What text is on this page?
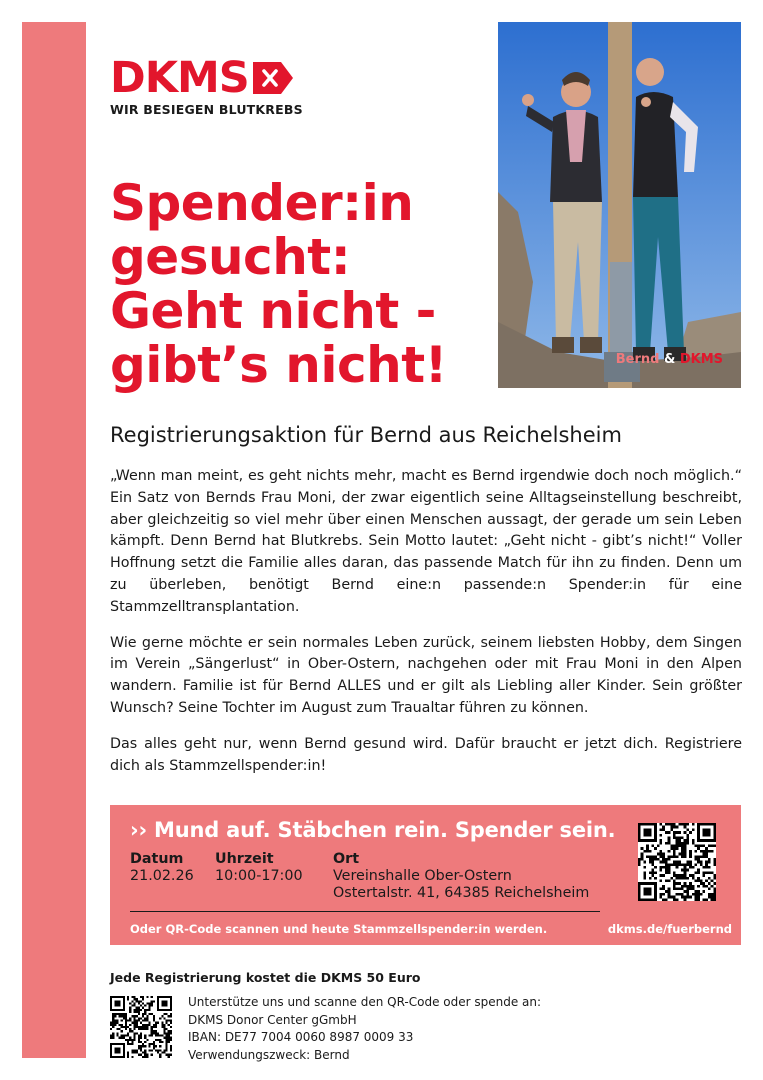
DKMS
WIR BESIEGEN BLUTKREBS
Spender:in
gesucht:
Geht nicht -
gibt’s nicht!	Bernd & DKMS
Registrierungsaktion für Bernd aus Reichelsheim

„Wenn man meint, es geht nichts mehr, macht es Bernd irgendwie doch noch möglich.“ Ein Satz von Bernds Frau Moni, der zwar eigentlich seine Alltagseinstellung beschreibt, aber gleichzeitig so viel mehr über einen Menschen aussagt, der gerade um sein Leben kämpft. Denn Bernd hat Blutkrebs. Sein Motto lautet: „Geht nicht - gibt’s nicht!“ Voller Hoffnung setzt die Familie alles daran, das passende Match für ihn zu finden. Denn um zu überleben, benötigt Bernd eine:n passende:n Spender:in für eine Stammzelltransplantation.

Wie gerne möchte er sein normales Leben zurück, seinem liebsten Hobby, dem Singen im Verein „Sängerlust“ in Ober-Ostern, nachgehen oder mit Frau Moni in den Alpen wandern. Familie ist für Bernd ALLES und er gilt als Liebling aller Kinder. Sein größter Wunsch? Seine Tochter im August zum Traualtar führen zu können.

Das alles geht nur, wenn Bernd gesund wird. Dafür braucht er jetzt dich. Registriere dich als Stammzellspender:in!

›› Mund auf. Stäbchen rein. Spender sein.
Datum
21.02.26
Uhrzeit
10:00-17:00
Ort
Vereinshalle Ober-Ostern
Ostertalstr. 41, 64385 Reichelsheim
Oder QR-Code scannen und heute Stammzellspender:in werden.	dkms.de/fuerbernd
Jede Registrierung kostet die DKMS 50 Euro
Unterstütze uns und scanne den QR-Code oder spende an:
DKMS Donor Center gGmbH
IBAN: DE77 7004 0060 8987 0009 33
Verwendungszweck: Bernd
